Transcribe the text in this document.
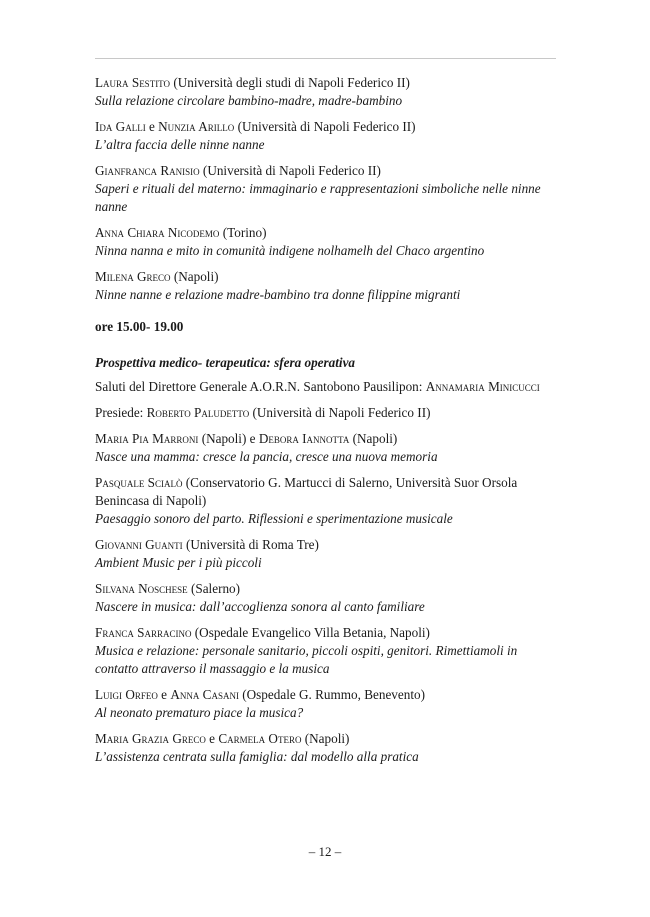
Laura Sestito (Università degli studi di Napoli Federico II)
Sulla relazione circolare bambino-madre, madre-bambino
Ida Galli e Nunzia Arillo (Università di Napoli Federico II)
L’altra faccia delle ninne nanne
Gianfranca Ranisio (Università di Napoli Federico II)
Saperi e rituali del materno: immaginario e rappresentazioni simboliche nelle ninne nanne
Anna Chiara Nicodemo (Torino)
Ninna nanna e mito in comunità indigene nolhamelh del Chaco argentino
Milena Greco (Napoli)
Ninne nanne e relazione madre-bambino tra donne filippine migranti
ore 15.00- 19.00
Prospettiva medico- terapeutica: sfera operativa
Saluti del Direttore Generale A.O.R.N. Santobono Pausilipon: Annamaria Minicucci
Presiede: Roberto Paludetto (Università di Napoli Federico II)
Maria Pia Marroni (Napoli) e Debora Iannotta (Napoli)
Nasce una mamma: cresce la pancia, cresce una nuova memoria
Pasquale Scialò (Conservatorio G. Martucci di Salerno, Università Suor Orsola Benincasa di Napoli)
Paesaggio sonoro del parto. Riflessioni e sperimentazione musicale
Giovanni Guanti (Università di Roma Tre)
Ambient Music per i più piccoli
Silvana Noschese (Salerno)
Nascere in musica: dall’accoglienza sonora al canto familiare
Franca Sarracino (Ospedale Evangelico Villa Betania, Napoli)
Musica e relazione: personale sanitario, piccoli ospiti, genitori. Rimettiamoli in contatto attraverso il massaggio e la musica
Luigi Orfeo e Anna Casani (Ospedale G. Rummo, Benevento)
Al neonato prematuro piace la musica?
Maria Grazia Greco e Carmela Otero (Napoli)
L’assistenza centrata sulla famiglia: dal modello alla pratica
– 12 –
